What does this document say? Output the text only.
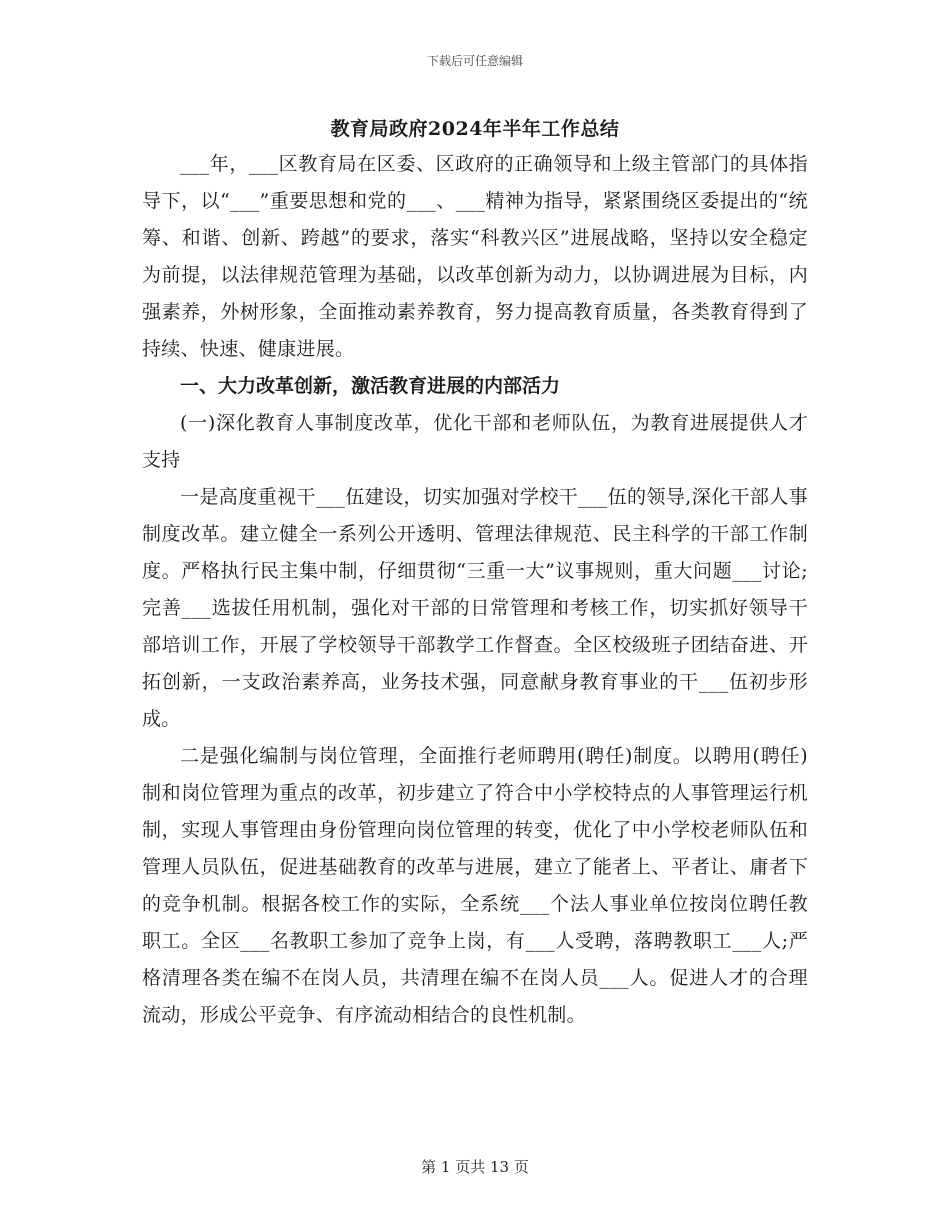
下载后可任意编辑
教育局政府2024年半年工作总结

___年，___区教育局在区委、区政府的正确领导和上级主管部门的具体指导下，以“___”重要思想和党的___、___精神为指导，紧紧围绕区委提出的“统筹、和谐、创新、跨越”的要求，落实“科教兴区”进展战略，坚持以安全稳定为前提，以法律规范管理为基础，以改革创新为动力，以协调进展为目标，内强素养，外树形象，全面推动素养教育，努力提高教育质量，各类教育得到了持续、快速、健康进展。

一、大力改革创新，激活教育进展的内部活力

(一)深化教育人事制度改革，优化干部和老师队伍，为教育进展提供人才支持

一是高度重视干___伍建设，切实加强对学校干___伍的领导,深化干部人事制度改革。建立健全一系列公开透明、管理法律规范、民主科学的干部工作制度。严格执行民主集中制，仔细贯彻“三重一大”议事规则，重大问题___讨论;完善___选拔任用机制，强化对干部的日常管理和考核工作，切实抓好领导干部培训工作，开展了学校领导干部教学工作督查。全区校级班子团结奋进、开拓创新，一支政治素养高，业务技术强，同意献身教育事业的干___伍初步形成。

二是强化编制与岗位管理，全面推行老师聘用(聘任)制度。以聘用(聘任)制和岗位管理为重点的改革，初步建立了符合中小学校特点的人事管理运行机制，实现人事管理由身份管理向岗位管理的转变，优化了中小学校老师队伍和管理人员队伍，促进基础教育的改革与进展，建立了能者上、平者让、庸者下的竞争机制。根据各校工作的实际，全系统___个法人事业单位按岗位聘任教职工。全区___名教职工参加了竞争上岗，有___人受聘，落聘教职工___人;严格清理各类在编不在岗人员，共清理在编不在岗人员___人。促进人才的合理流动，形成公平竞争、有序流动相结合的良性机制。

第 1 页共 13 页
